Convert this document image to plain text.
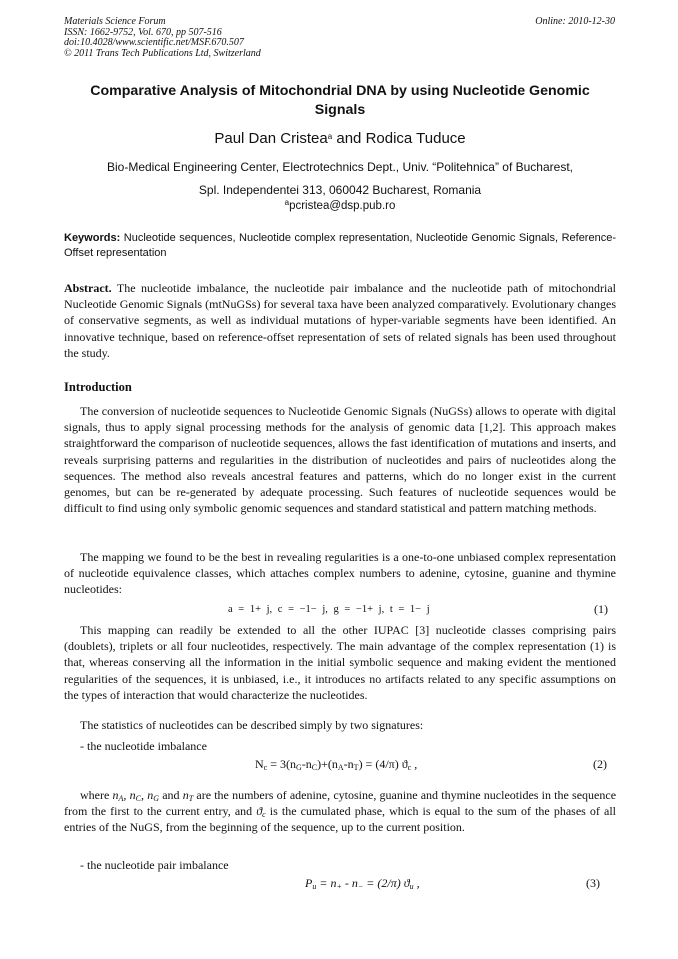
Materials Science Forum
ISSN: 1662-9752, Vol. 670, pp 507-516
doi:10.4028/www.scientific.net/MSF.670.507
© 2011 Trans Tech Publications Ltd, Switzerland
Online: 2010-12-30
Comparative Analysis of Mitochondrial DNA by using Nucleotide Genomic Signals
Paul Dan Cristea$^a$ and Rodica Tuduce
Bio-Medical Engineering Center, Electrotechnics Dept., Univ. “Politehnica” of Bucharest,
Spl. Independentei 313, 060042 Bucharest, Romania
$^a$pcristea@dsp.pub.ro
Keywords: Nucleotide sequences, Nucleotide complex representation, Nucleotide Genomic Signals, Reference-Offset representation
Abstract. The nucleotide imbalance, the nucleotide pair imbalance and the nucleotide path of mitochondrial Nucleotide Genomic Signals (mtNuGSs) for several taxa have been analyzed comparatively. Evolutionary changes of conservative segments, as well as individual mutations of hyper-variable segments have been identified. An innovative technique, based on reference-offset representation of sets of related signals has been used throughout the study.
Introduction

The conversion of nucleotide sequences to Nucleotide Genomic Signals (NuGSs) allows to operate with digital signals, thus to apply signal processing methods for the analysis of genomic data [1,2]. This approach makes straightforward the comparison of nucleotide sequences, allows the fast identification of mutations and inserts, and reveals surprising patterns and regularities in the distribution of nucleotides and pairs of nucleotides along the sequences. The method also reveals ancestral features and patterns, which do no longer exist in the current genomes, but can be re-generated by adequate processing. Such features of nucleotide sequences would be difficult to find using only symbolic genomic sequences and standard statistical and pattern matching methods.

The mapping we found to be the best in revealing regularities is a one-to-one unbiased complex representation of nucleotide equivalence classes, which attaches complex numbers to adenine, cytosine, guanine and thymine nucleotides:

a = 1+ j, c = −1− j, g = −1+ j, t = 1− j	(1)

This mapping can readily be extended to all the other IUPAC [3] nucleotide classes comprising pairs (doublets), triplets or all four nucleotides, respectively. The main advantage of the complex representation (1) is that, whereas conserving all the information in the initial symbolic sequence and making evident the mentioned regularities of the sequences, it is unbiased, i.e., it introduces no artifacts related to any specific assumptions on the types of interaction that would characterize the nucleotides.

The statistics of nucleotides can be described simply by two signatures:

- the nucleotide imbalance
$N_c = 3(n_G-n_C)+(n_A-n_T) = (4/\pi)$ $ϑ_c$ ,	(2)

where $n_A$, $n_C$, $n_G$ and $n_T$ are the numbers of adenine, cytosine, guanine and thymine nucleotides in the sequence from the first to the current entry, and $ϑ_c$ is the cumulated phase, which is equal to the sum of the phases of all entries of the NuGS, from the beginning of the sequence, up to the current position.

- the nucleotide pair imbalance
$P_u = n_+ - n_- = (2/\pi)$ $ϑ_u$ ,	(3)
